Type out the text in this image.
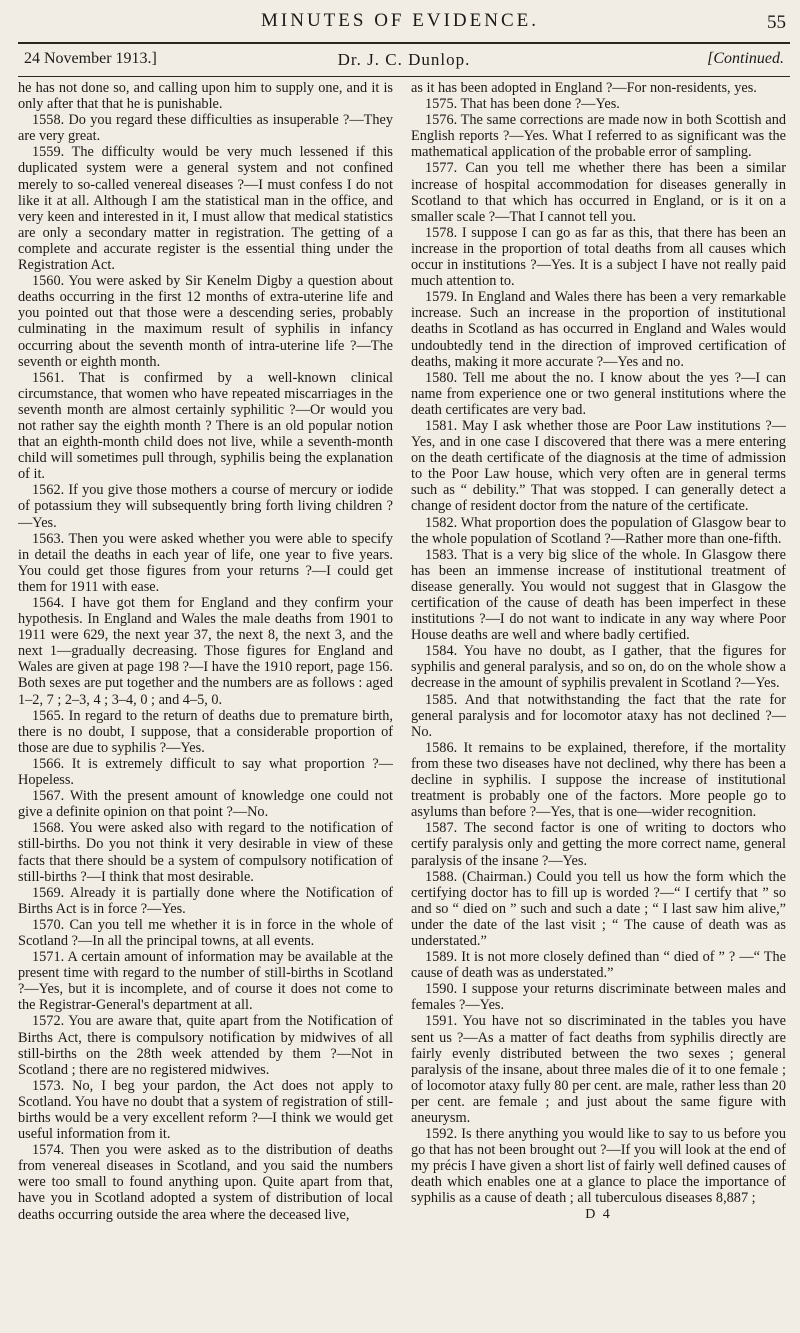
MINUTES OF EVIDENCE.	55
24 November 1913.]	Dr. J. C. Dunlop.	[Continued.

he has not done so, and calling upon him to supply one, and it is only after that that he is punishable.

1558. Do you regard these difficulties as insuperable ?—They are very great.

1559. The difficulty would be very much lessened if this duplicated system were a general system and not confined merely to so-called venereal diseases ?—I must confess I do not like it at all. Although I am the statistical man in the office, and very keen and interested in it, I must allow that medical statistics are only a secondary matter in registration. The getting of a complete and accurate register is the essential thing under the Registration Act.

1560. You were asked by Sir Kenelm Digby a question about deaths occurring in the first 12 months of extra-uterine life and you pointed out that those were a descending series, probably culminating in the maximum result of syphilis in infancy occurring about the seventh month of intra-uterine life ?—The seventh or eighth month.

1561. That is confirmed by a well-known clinical circumstance, that women who have repeated miscarriages in the seventh month are almost certainly syphilitic ?—Or would you not rather say the eighth month ? There is an old popular notion that an eighth-month child does not live, while a seventh-month child will sometimes pull through, syphilis being the explanation of it.

1562. If you give those mothers a course of mercury or iodide of potassium they will subsequently bring forth living children ?—Yes.

1563. Then you were asked whether you were able to specify in detail the deaths in each year of life, one year to five years. You could get those figures from your returns ?—I could get them for 1911 with ease.

1564. I have got them for England and they confirm your hypothesis. In England and Wales the male deaths from 1901 to 1911 were 629, the next year 37, the next 8, the next 3, and the next 1—gradually decreasing. Those figures for England and Wales are given at page 198 ?—I have the 1910 report, page 156. Both sexes are put together and the numbers are as follows : aged 1–2, 7 ; 2–3, 4 ; 3–4, 0 ; and 4–5, 0.

1565. In regard to the return of deaths due to premature birth, there is no doubt, I suppose, that a considerable proportion of those are due to syphilis ?—Yes.

1566. It is extremely difficult to say what proportion ?—Hopeless.

1567. With the present amount of knowledge one could not give a definite opinion on that point ?—No.

1568. You were asked also with regard to the notification of still-births. Do you not think it very desirable in view of these facts that there should be a system of compulsory notification of still-births ?—I think that most desirable.

1569. Already it is partially done where the Notification of Births Act is in force ?—Yes.

1570. Can you tell me whether it is in force in the whole of Scotland ?—In all the principal towns, at all events.

1571. A certain amount of information may be available at the present time with regard to the number of still-births in Scotland ?—Yes, but it is incomplete, and of course it does not come to the Registrar-General's department at all.

1572. You are aware that, quite apart from the Notification of Births Act, there is compulsory notification by midwives of all still-births on the 28th week attended by them ?—Not in Scotland ; there are no registered midwives.

1573. No, I beg your pardon, the Act does not apply to Scotland. You have no doubt that a system of registration of still-births would be a very excellent reform ?—I think we would get useful information from it.

1574. Then you were asked as to the distribution of deaths from venereal diseases in Scotland, and you said the numbers were too small to found anything upon. Quite apart from that, have you in Scotland adopted a system of distribution of local deaths occurring outside the area where the deceased live,

as it has been adopted in England ?—For non-residents, yes.

1575. That has been done ?—Yes.

1576. The same corrections are made now in both Scottish and English reports ?—Yes. What I referred to as significant was the mathematical application of the probable error of sampling.

1577. Can you tell me whether there has been a similar increase of hospital accommodation for diseases generally in Scotland to that which has occurred in England, or is it on a smaller scale ?—That I cannot tell you.

1578. I suppose I can go as far as this, that there has been an increase in the proportion of total deaths from all causes which occur in institutions ?—Yes. It is a subject I have not really paid much attention to.

1579. In England and Wales there has been a very remarkable increase. Such an increase in the proportion of institutional deaths in Scotland as has occurred in England and Wales would undoubtedly tend in the direction of improved certification of deaths, making it more accurate ?—Yes and no.

1580. Tell me about the no. I know about the yes ?—I can name from experience one or two general institutions where the death certificates are very bad.

1581. May I ask whether those are Poor Law institutions ?—Yes, and in one case I discovered that there was a mere entering on the death certificate of the diagnosis at the time of admission to the Poor Law house, which very often are in general terms such as “ debility.” That was stopped. I can generally detect a change of resident doctor from the nature of the certificate.

1582. What proportion does the population of Glasgow bear to the whole population of Scotland ?—Rather more than one-fifth.

1583. That is a very big slice of the whole. In Glasgow there has been an immense increase of institutional treatment of disease generally. You would not suggest that in Glasgow the certification of the cause of death has been imperfect in these institutions ?—I do not want to indicate in any way where Poor House deaths are well and where badly certified.

1584. You have no doubt, as I gather, that the figures for syphilis and general paralysis, and so on, do on the whole show a decrease in the amount of syphilis prevalent in Scotland ?—Yes.

1585. And that notwithstanding the fact that the rate for general paralysis and for locomotor ataxy has not declined ?—No.

1586. It remains to be explained, therefore, if the mortality from these two diseases have not declined, why there has been a decline in syphilis. I suppose the increase of institutional treatment is probably one of the factors. More people go to asylums than before ?—Yes, that is one—wider recognition.

1587. The second factor is one of writing to doctors who certify paralysis only and getting the more correct name, general paralysis of the insane ?—Yes.

1588. (Chairman.) Could you tell us how the form which the certifying doctor has to fill up is worded ?—“ I certify that ” so and so “ died on ” such and such a date ; “ I last saw him alive,” under the date of the last visit ; “ The cause of death was as understated.”

1589. It is not more closely defined than “ died of ” ? —“ The cause of death was as understated.”

1590. I suppose your returns discriminate between males and females ?—Yes.

1591. You have not so discriminated in the tables you have sent us ?—As a matter of fact deaths from syphilis directly are fairly evenly distributed between the two sexes ; general paralysis of the insane, about three males die of it to one female ; of locomotor ataxy fully 80 per cent. are male, rather less than 20 per cent. are female ; and just about the same figure with aneurysm.

1592. Is there anything you would like to say to us before you go that has not been brought out ?—If you will look at the end of my précis I have given a short list of fairly well defined causes of death which enables one at a glance to place the importance of syphilis as a cause of death ; all tuberculous diseases 8,887 ;

D 4
